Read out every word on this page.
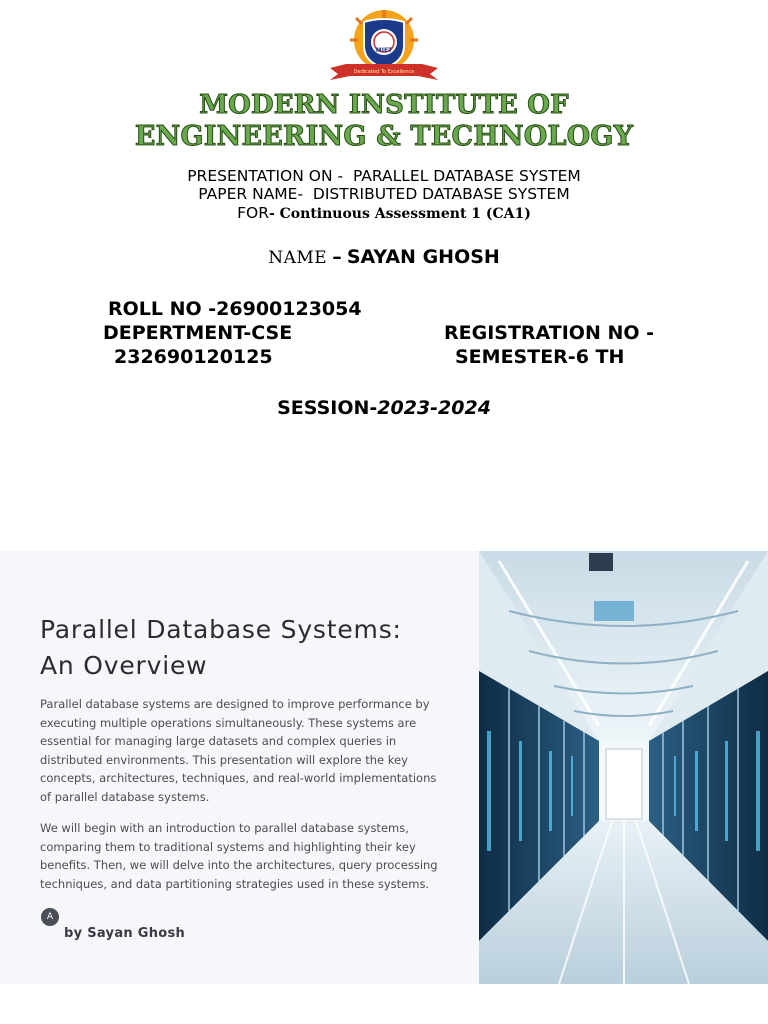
MIET
Dedicated To Excellence
MODERN INSTITUTE OF
ENGINEERING & TECHNOLOGY
PRESENTATION ON - PARALLEL DATABASE SYSTEM
PAPER NAME- DISTRIBUTED DATABASE SYSTEM
FOR- Continuous Assessment 1 (CA1)
NAME – SAYAN GHOSH
ROLL NO -26900123054
DEPERTMENT-CSE
232690120125
REGISTRATION NO -
SEMESTER-6 TH
SESSION-2023-2024
Parallel Database Systems:
An Overview
Parallel database systems are designed to improve performance by executing multiple operations simultaneously. These systems are essential for managing large datasets and complex queries in distributed environments. This presentation will explore the key concepts, architectures, techniques, and real-world implementations of parallel database systems.
We will begin with an introduction to parallel database systems, comparing them to traditional systems and highlighting their key benefits. Then, we will delve into the architectures, query processing techniques, and data partitioning strategies used in these systems.
A
by Sayan Ghosh
